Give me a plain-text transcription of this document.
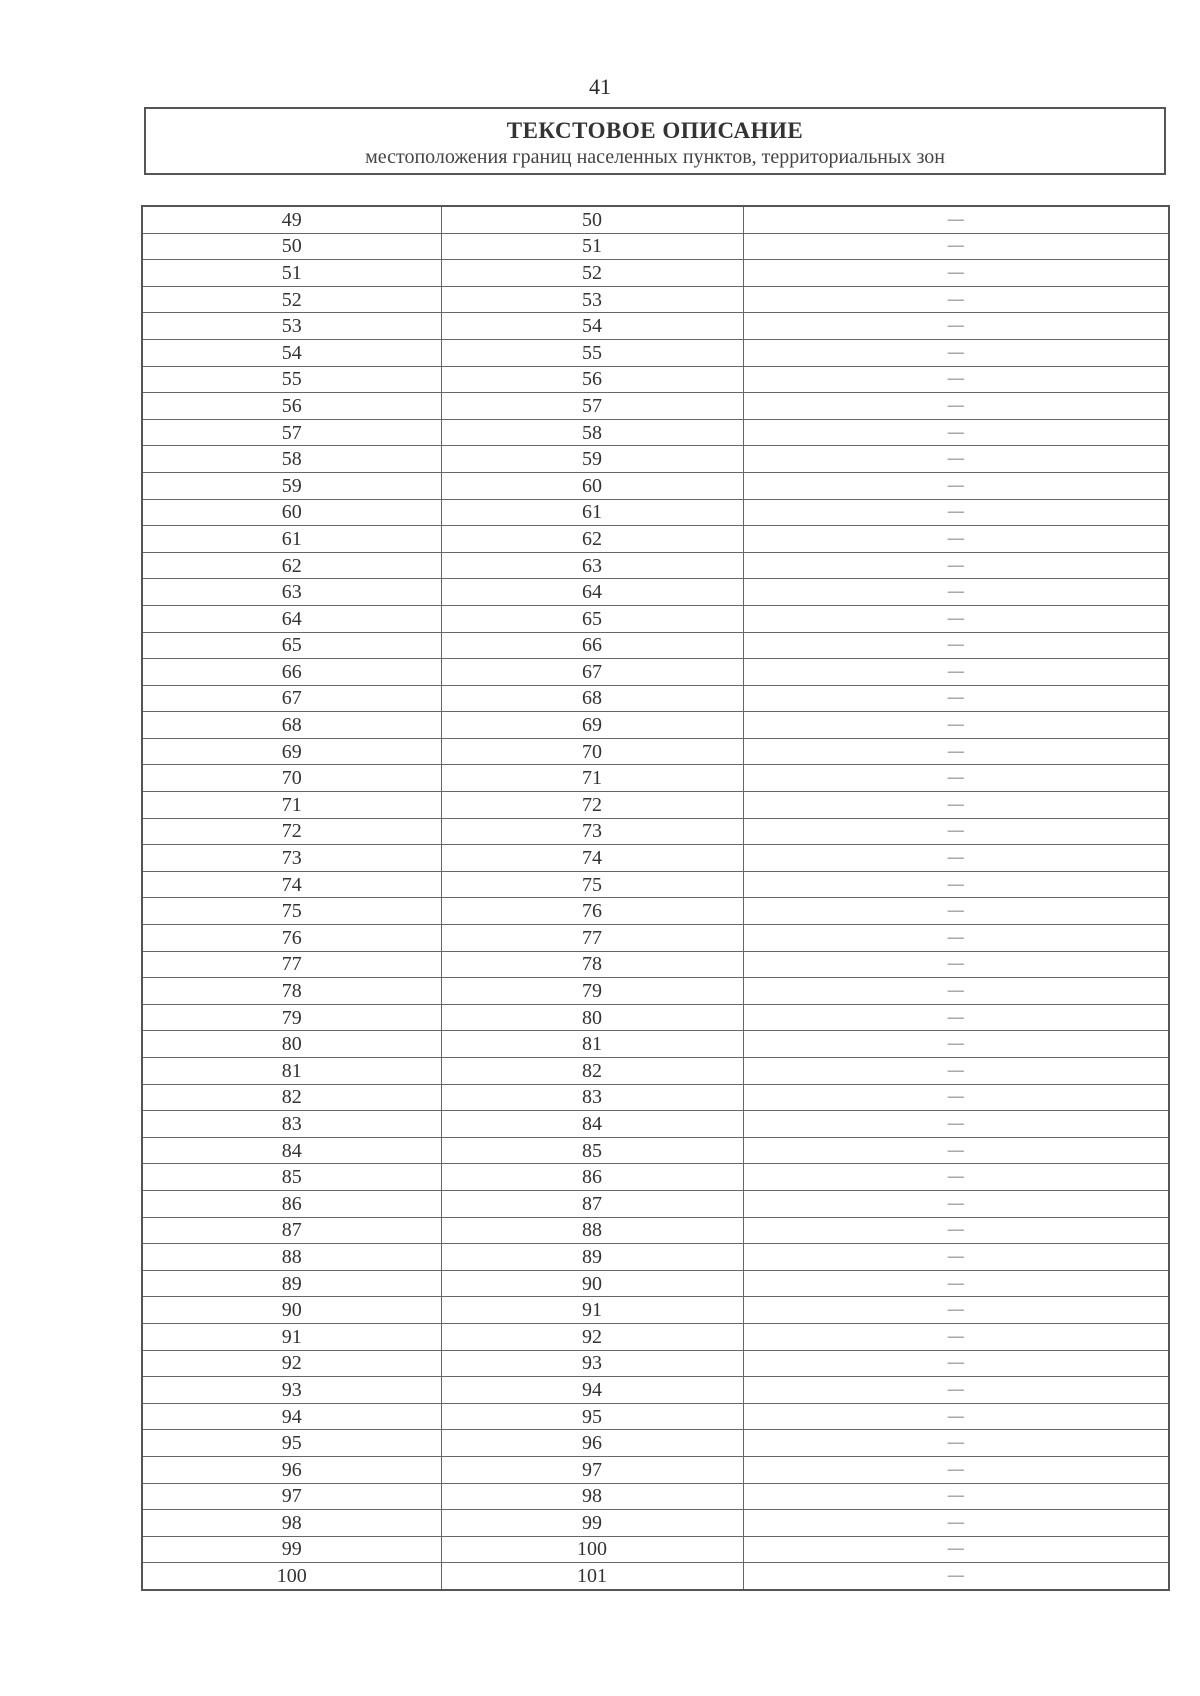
41
ТЕКСТОВОЕ ОПИСАНИЕ
местоположения границ населенных пунктов, территориальных зон
49	50	—
50	51	—
51	52	—
52	53	—
53	54	—
54	55	—
55	56	—
56	57	—
57	58	—
58	59	—
59	60	—
60	61	—
61	62	—
62	63	—
63	64	—
64	65	—
65	66	—
66	67	—
67	68	—
68	69	—
69	70	—
70	71	—
71	72	—
72	73	—
73	74	—
74	75	—
75	76	—
76	77	—
77	78	—
78	79	—
79	80	—
80	81	—
81	82	—
82	83	—
83	84	—
84	85	—
85	86	—
86	87	—
87	88	—
88	89	—
89	90	—
90	91	—
91	92	—
92	93	—
93	94	—
94	95	—
95	96	—
96	97	—
97	98	—
98	99	—
99	100	—
100	101	—
